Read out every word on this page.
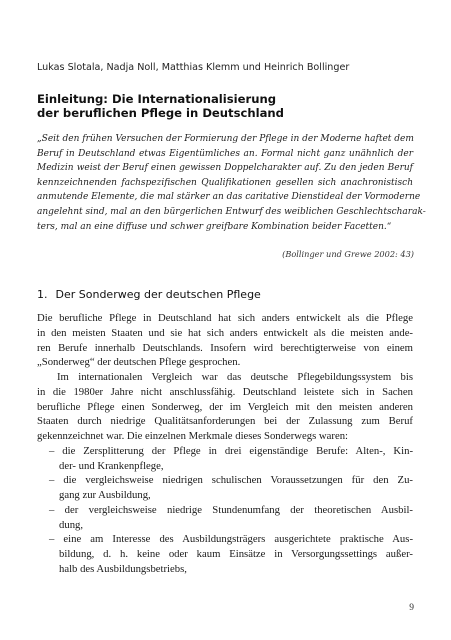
Lukas Slotala, Nadja Noll, Matthias Klemm und Heinrich Bollinger
Einleitung: Die Internationalisierung
der beruflichen Pflege in Deutschland
„Seit den frühen Versuchen der Formierung der Pflege in der Moderne haftet dem
Beruf in Deutschland etwas Eigentümliches an. Formal nicht ganz unähnlich der
Medizin weist der Beruf einen gewissen Doppelcharakter auf. Zu den jeden Beruf
kennzeichnenden fachspezifischen Qualifikationen gesellen sich anachronistisch
anmutende Elemente, die mal stärker an das caritative Dienstideal der Vormoderne
angelehnt sind, mal an den bürgerlichen Entwurf des weiblichen Geschlechtscharak-
ters, mal an eine diffuse und schwer greifbare Kombination beider Facetten.“
(Bollinger und Grewe 2002: 43)
1. Der Sonderweg der deutschen Pflege
Die berufliche Pflege in Deutschland hat sich anders entwickelt als die Pflege
in den meisten Staaten und sie hat sich anders entwickelt als die meisten ande-
ren Berufe innerhalb Deutschlands. Insofern wird berechtigterweise von einem
„Sonderweg“ der deutschen Pflege gesprochen.
Im internationalen Vergleich war das deutsche Pflegebildungssystem bis
in die 1980er Jahre nicht anschlussfähig. Deutschland leistete sich in Sachen
berufliche Pflege einen Sonderweg, der im Vergleich mit den meisten anderen
Staaten durch niedrige Qualitätsanforderungen bei der Zulassung zum Beruf
gekennzeichnet war. Die einzelnen Merkmale dieses Sonderwegs waren:
– die Zersplitterung der Pflege in drei eigenständige Berufe: Alten-, Kin-
der- und Krankenpflege,
– die vergleichsweise niedrigen schulischen Voraussetzungen für den Zu-
gang zur Ausbildung,
– der vergleichsweise niedrige Stundenumfang der theoretischen Ausbil-
dung,
– eine am Interesse des Ausbildungsträgers ausgerichtete praktische Aus-
bildung, d. h. keine oder kaum Einsätze in Versorgungssettings außer-
halb des Ausbildungsbetriebs,
9
